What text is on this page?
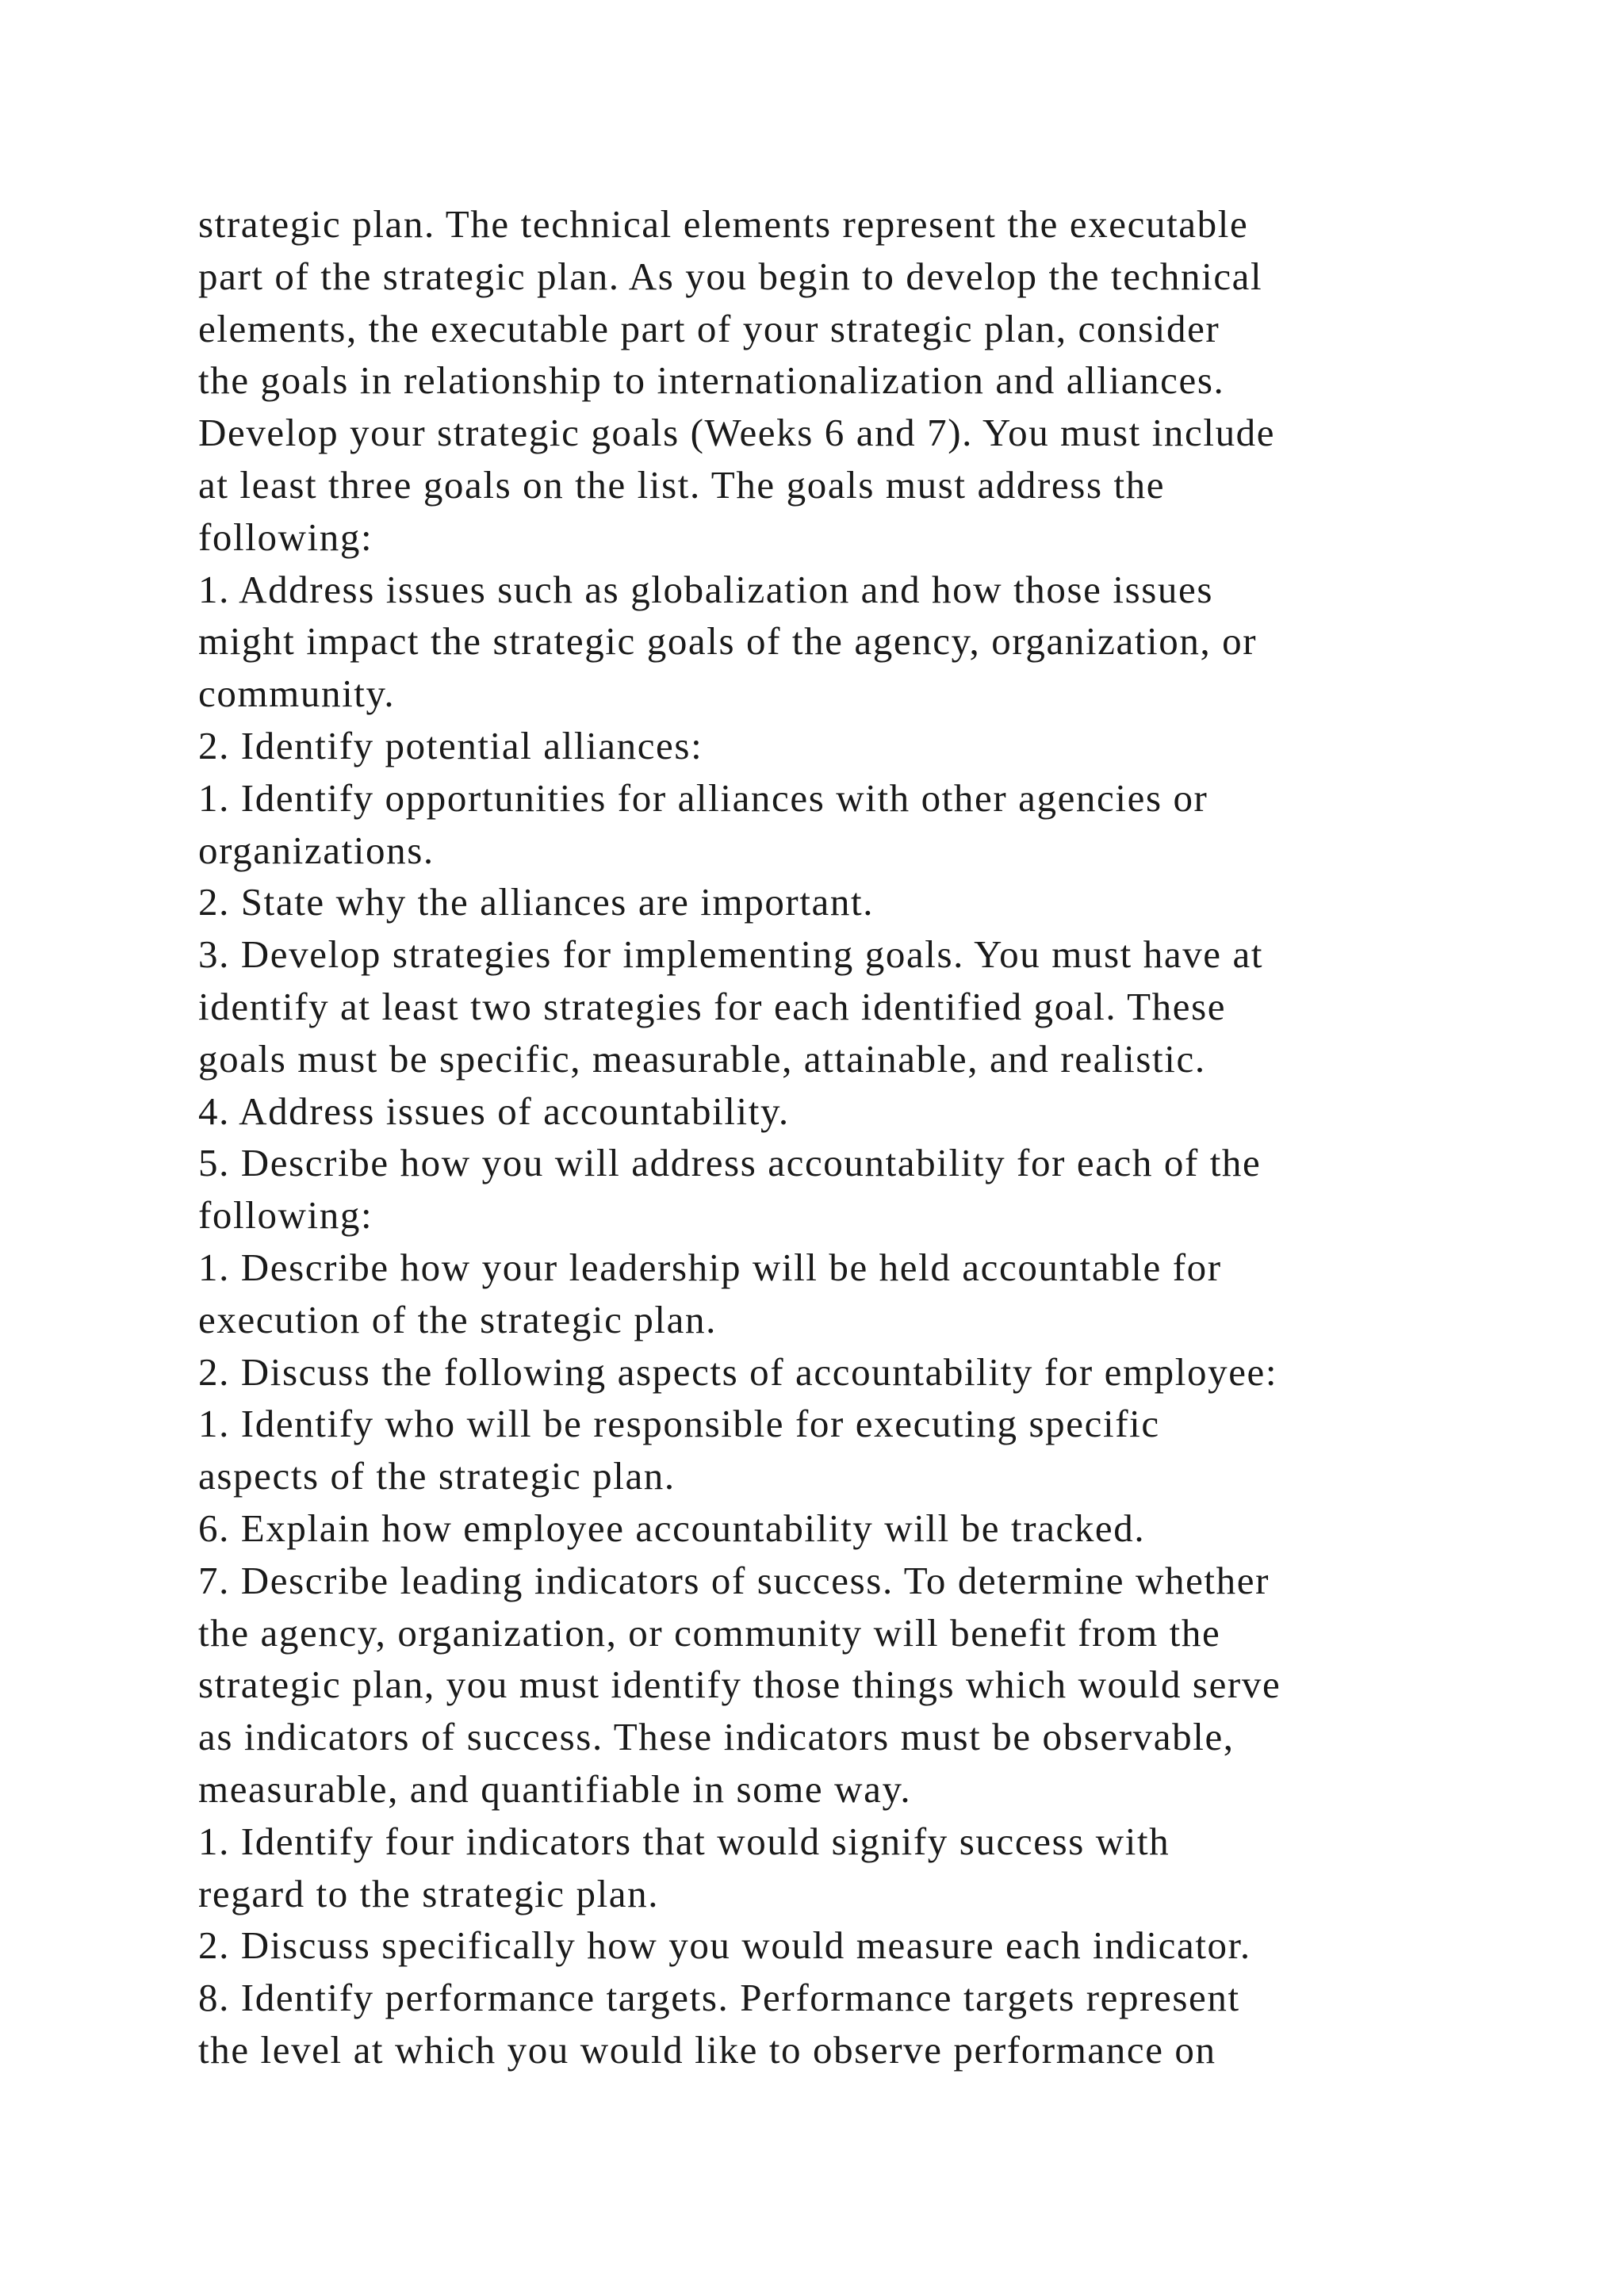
strategic plan. The technical elements represent the executable
part of the strategic plan. As you begin to develop the technical
elements, the executable part of your strategic plan, consider
the goals in relationship to internationalization and alliances.
Develop your strategic goals (Weeks 6 and 7). You must include
at least three goals on the list. The goals must address the
following:
1. Address issues such as globalization and how those issues
might impact the strategic goals of the agency, organization, or
community.
2. Identify potential alliances:
1. Identify opportunities for alliances with other agencies or
organizations.
2. State why the alliances are important.
3. Develop strategies for implementing goals. You must have at
identify at least two strategies for each identified goal. These
goals must be specific, measurable, attainable, and realistic.
4. Address issues of accountability.
5. Describe how you will address accountability for each of the
following:
1. Describe how your leadership will be held accountable for
execution of the strategic plan.
2. Discuss the following aspects of accountability for employee:
1. Identify who will be responsible for executing specific
aspects of the strategic plan.
6. Explain how employee accountability will be tracked.
7. Describe leading indicators of success. To determine whether
the agency, organization, or community will benefit from the
strategic plan, you must identify those things which would serve
as indicators of success. These indicators must be observable,
measurable, and quantifiable in some way.
1. Identify four indicators that would signify success with
regard to the strategic plan.
2. Discuss specifically how you would measure each indicator.
8. Identify performance targets. Performance targets represent
the level at which you would like to observe performance on
